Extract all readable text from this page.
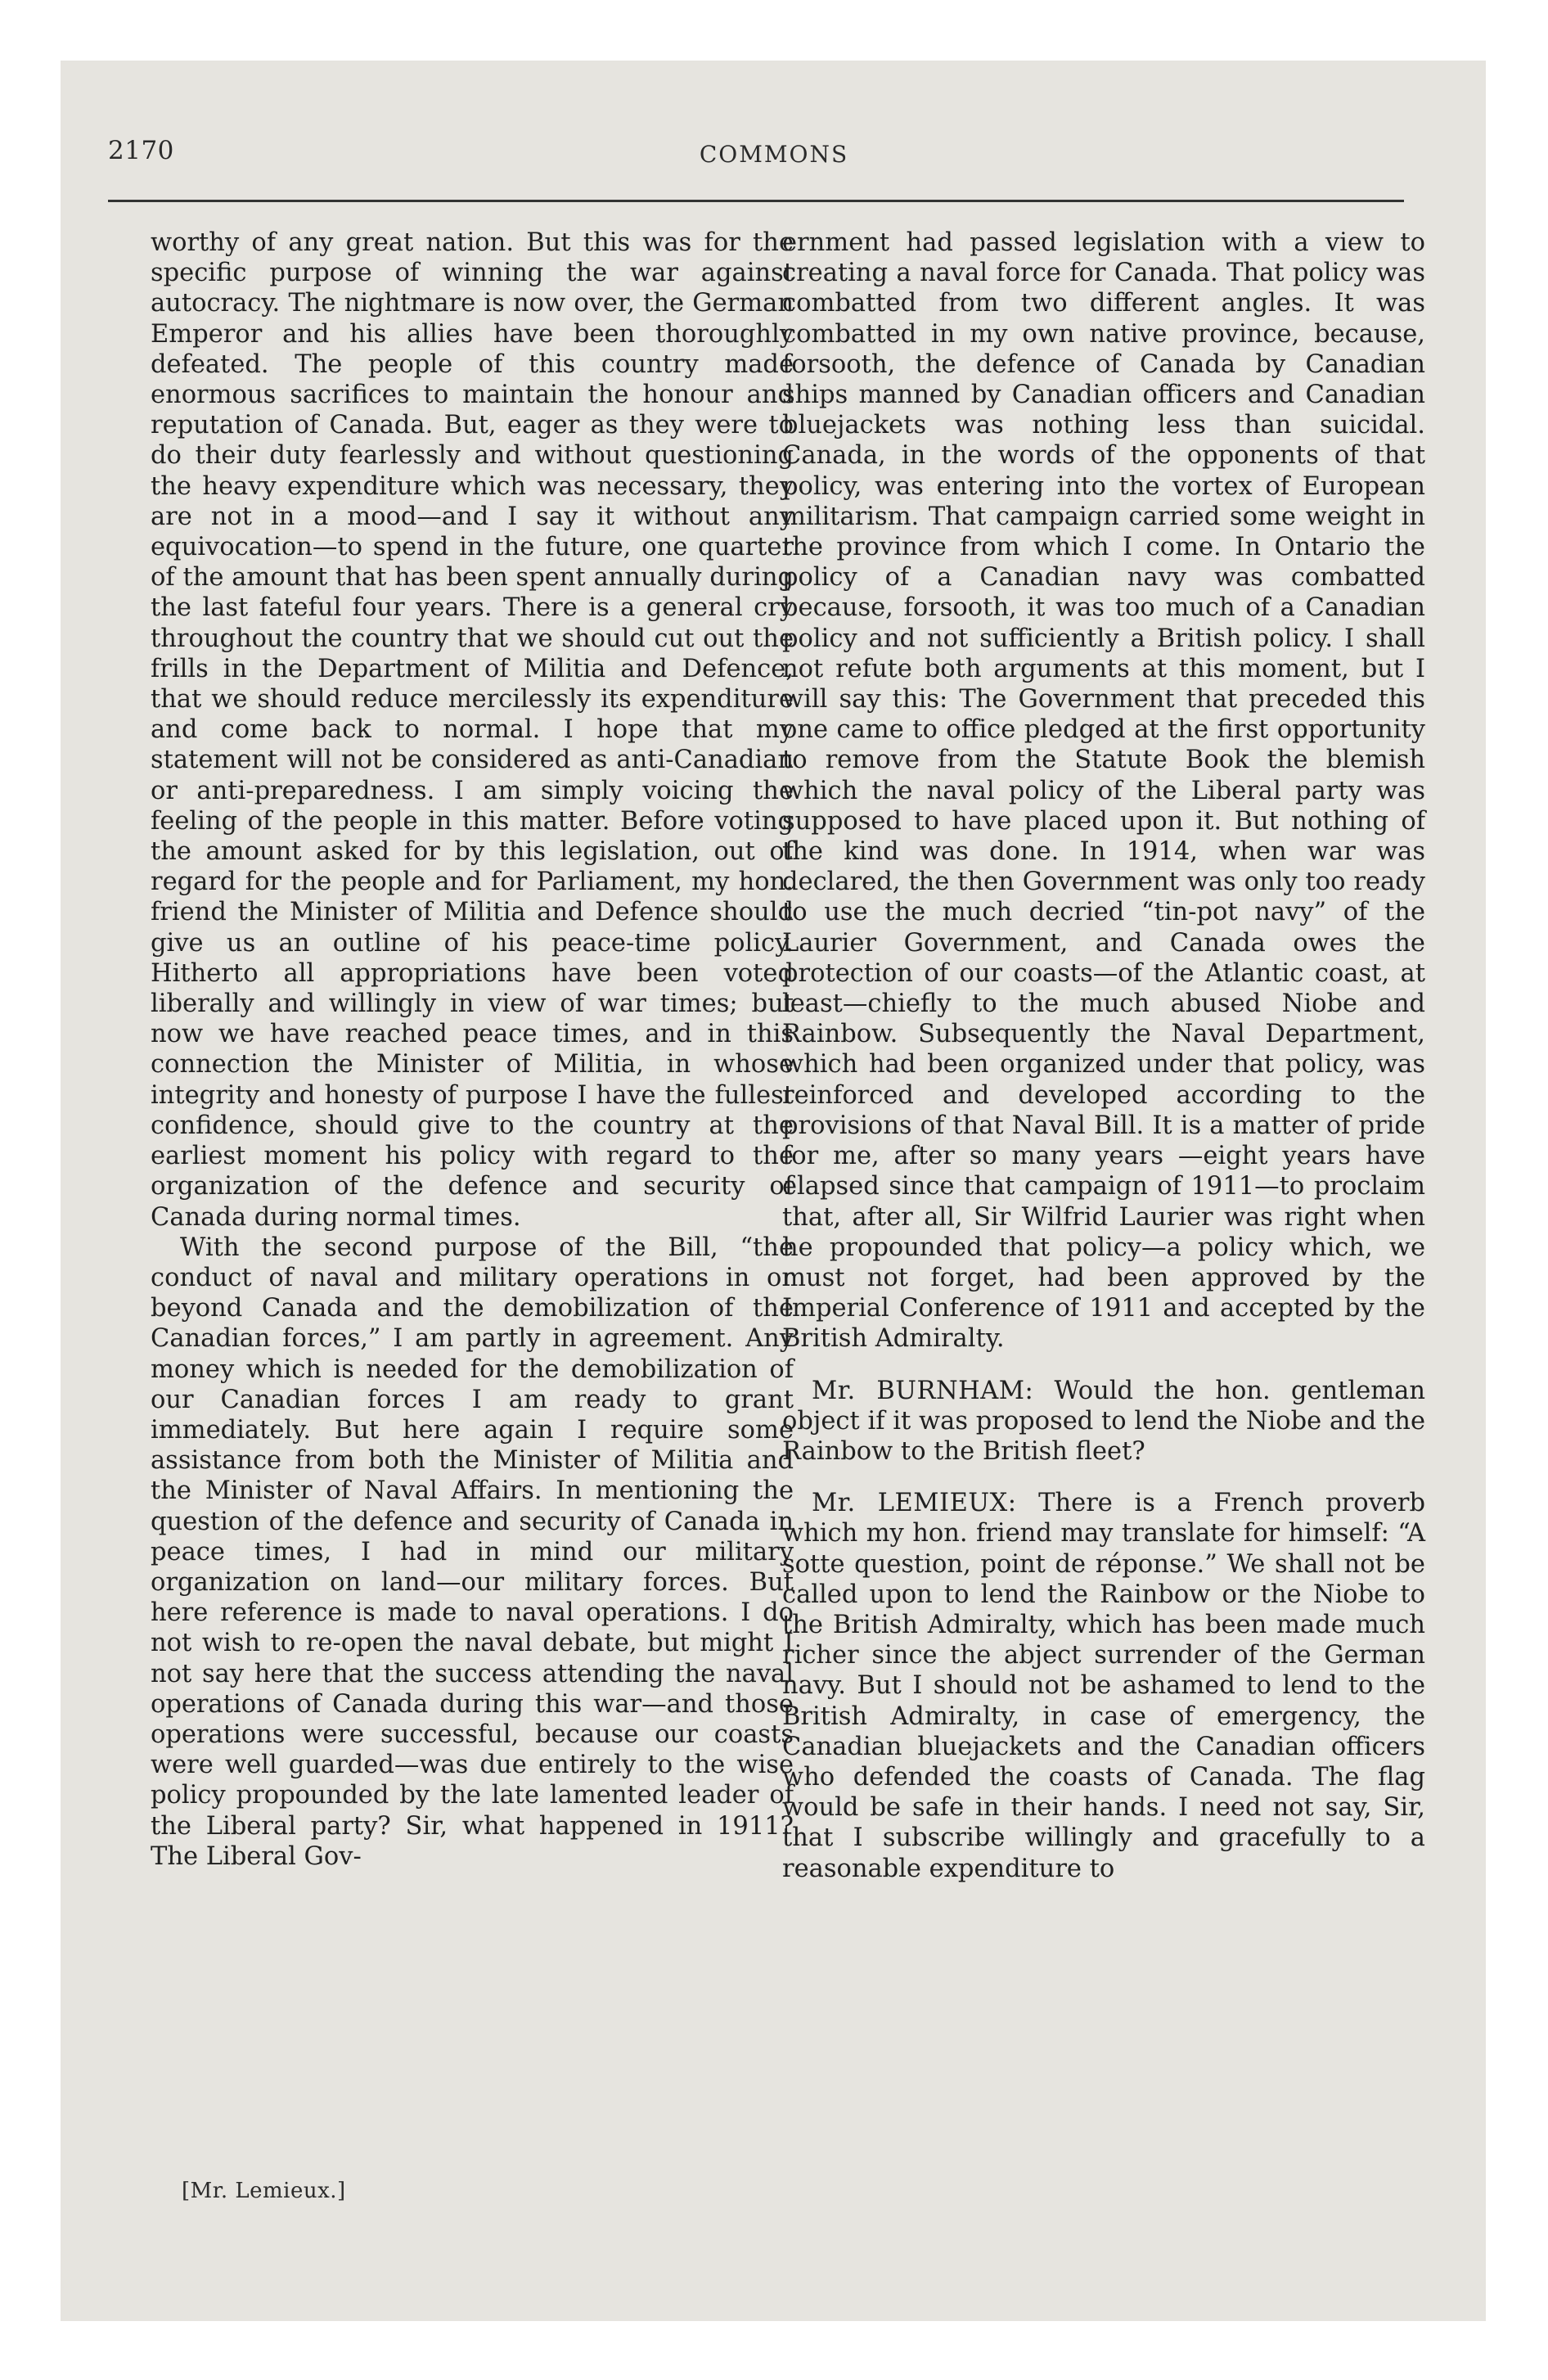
2170	COMMONS

worthy of any great nation. But this was for the specific purpose of winning the war against autocracy. The nightmare is now over, the German Emperor and his allies have been thoroughly defeated. The people of this country made enormous sacrifices to maintain the honour and reputation of Canada. But, eager as they were to do their duty fearlessly and without questioning the heavy expenditure which was necessary, they are not in a mood—and I say it without any equivocation—to spend in the future, one quarter of the amount that has been spent annually during the last fateful four years. There is a general cry throughout the country that we should cut out the frills in the Department of Militia and Defence, that we should reduce mercilessly its expenditure and come back to normal. I hope that my statement will not be considered as anti-Canadian or anti-preparedness. I am simply voicing the feeling of the people in this matter. Before voting the amount asked for by this legislation, out of regard for the people and for Parliament, my hon. friend the Minister of Militia and Defence should give us an outline of his peace-time policy. Hitherto all appropriations have been voted liberally and willingly in view of war times; but now we have reached peace times, and in this connection the Minister of Militia, in whose integrity and honesty of purpose I have the fullest confidence, should give to the country at the earliest moment his policy with regard to the organization of the defence and security of Canada during normal times.

With the second purpose of the Bill, “the conduct of naval and military operations in or beyond Canada and the demobilization of the Canadian forces,” I am partly in agreement. Any money which is needed for the demobilization of our Canadian forces I am ready to grant immediately. But here again I require some assistance from both the Minister of Militia and the Minister of Naval Affairs. In mentioning the question of the defence and security of Canada in peace times, I had in mind our military organization on land—our military forces. But here reference is made to naval operations. I do not wish to re-open the naval debate, but might I not say here that the success attending the naval operations of Canada during this war—and those operations were successful, because our coasts were well guarded—was due entirely to the wise policy propounded by the late lamented leader of the Liberal party? Sir, what happened in 1911? The Liberal Gov-

ernment had passed legislation with a view to creating a naval force for Canada. That policy was combatted from two different angles. It was combatted in my own native province, because, forsooth, the defence of Canada by Canadian ships manned by Canadian officers and Canadian bluejackets was nothing less than suicidal. Canada, in the words of the opponents of that policy, was entering into the vortex of European militarism. That campaign carried some weight in the province from which I come. In Ontario the policy of a Canadian navy was combatted because, forsooth, it was too much of a Canadian policy and not sufficiently a British policy. I shall not refute both arguments at this moment, but I will say this: The Government that preceded this one came to office pledged at the first opportunity to remove from the Statute Book the blemish which the naval policy of the Liberal party was supposed to have placed upon it. But nothing of the kind was done. In 1914, when war was declared, the then Government was only too ready to use the much decried “tin-pot navy” of the Laurier Government, and Canada owes the protection of our coasts—of the Atlantic coast, at least—chiefly to the much abused Niobe and Rainbow. Subsequently the Naval Department, which had been organized under that policy, was reinforced and developed according to the provisions of that Naval Bill. It is a matter of pride for me, after so many years —eight years have elapsed since that campaign of 1911—to proclaim that, after all, Sir Wilfrid Laurier was right when he propounded that policy—a policy which, we must not forget, had been approved by the Imperial Conference of 1911 and accepted by the British Admiralty.

Mr. BURNHAM: Would the hon. gentleman object if it was proposed to lend the Niobe and the Rainbow to the British fleet?

Mr. LEMIEUX: There is a French proverb which my hon. friend may translate for himself: “A sotte question, point de réponse.” We shall not be called upon to lend the Rainbow or the Niobe to the British Admiralty, which has been made much richer since the abject surrender of the German navy. But I should not be ashamed to lend to the British Admiralty, in case of emergency, the Canadian bluejackets and the Canadian officers who defended the coasts of Canada. The flag would be safe in their hands. I need not say, Sir, that I subscribe willingly and gracefully to a reasonable expenditure to

[Mr. Lemieux.]
